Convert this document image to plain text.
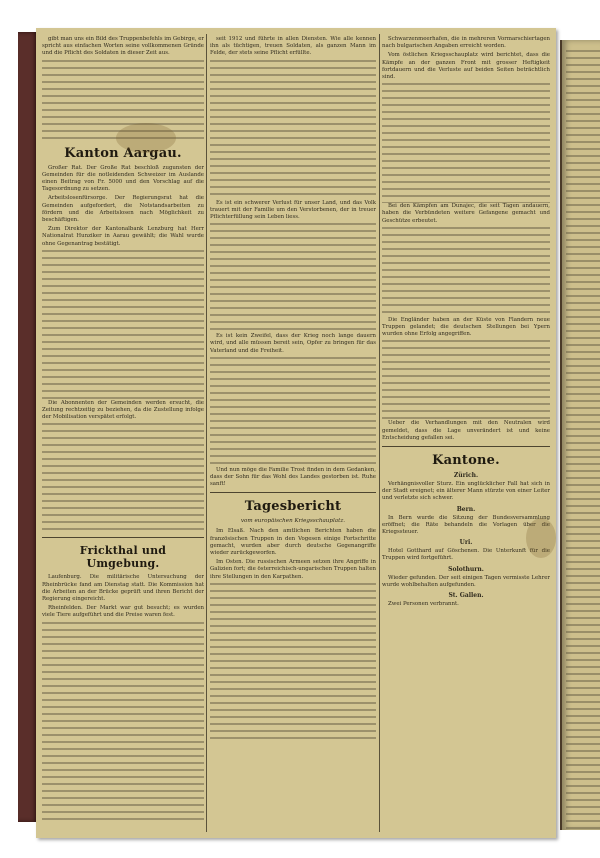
gibt man uns ein Bild des Truppenbefehls im Gebirge, er spricht aus einfachen Worten seine vollkommenen Gründe und die Pflicht des Soldaten in dieser Zeit aus.

Kanton Aargau.

Großer Rat. Der Große Rat beschloß zugunsten der Gemeinden für die notleidenden Schweizer im Auslande einen Beitrag von Fr. 5000 und den Vorschlag auf die Tagesordnung zu setzen.

Arbeitslosenfürsorge. Der Regierungsrat hat die Gemeinden aufgefordert, die Notstandsarbeiten zu fördern und die Arbeitslosen nach Möglichkeit zu beschäftigen.

Zum Direktor der Kantonalbank Lenzburg hat Herr Nationalrat Hunziker in Aarau gewählt; die Wahl wurde ohne Gegenantrag bestätigt.

Die Abonnenten der Gemeinden werden ersucht, die Zeitung rechtzeitig zu beziehen, da die Zustellung infolge der Mobilisation verspätet erfolgt.

Frickthal und Umgebung.

Laufenburg. Die militärische Untersuchung der Rheinbrücke fand am Dienstag statt. Die Kommission hat die Arbeiten an der Brücke geprüft und ihren Bericht der Regierung eingereicht.

Rheinfelden. Der Markt war gut besucht; es wurden viele Tiere aufgeführt und die Preise waren fest.

seit 1912 und führte in allen Diensten. Wie alle kennen ihn als tüchtigen, treuen Soldaten, als ganzen Mann im Felde, der stets seine Pflicht erfüllte.

Es ist ein schwerer Verlust für unser Land, und das Volk trauert mit der Familie um den Verstorbenen, der in treuer Pflichterfüllung sein Leben liess.

Es ist kein Zweifel, dass der Krieg noch lange dauern wird, und alle müssen bereit sein, Opfer zu bringen für das Vaterland und die Freiheit.

Und nun möge die Familie Trost finden in dem Gedanken, dass der Sohn für das Wohl des Landes gestorben ist. Ruhe sanft!

Tagesbericht
vom europäischen Kriegsschauplatz.

Im Elsaß. Nach den amtlichen Berichten haben die französischen Truppen in den Vogesen einige Fortschritte gemacht, wurden aber durch deutsche Gegenangriffe wieder zurückgeworfen.

Im Osten. Die russischen Armeen setzen ihre Angriffe in Galizien fort; die österreichisch-ungarischen Truppen halten ihre Stellungen in den Karpathen.

Schwarzenmeerhafen, die in mehreren Vormarschiertagen nach bulgarischen Angaben erreicht worden.

Vom östlichen Kriegsschauplatz wird berichtet, dass die Kämpfe an der ganzen Front mit grosser Heftigkeit fortdauern und die Verluste auf beiden Seiten beträchtlich sind.

Bei den Kämpfen am Dunajec, die seit Tagen andauern, haben die Verbündeten weitere Gefangene gemacht und Geschütze erbeutet.

Die Engländer haben an der Küste von Flandern neue Truppen gelandet; die deutschen Stellungen bei Ypern wurden ohne Erfolg angegriffen.

Ueber die Verhandlungen mit den Neutralen wird gemeldet, dass die Lage unverändert ist und keine Entscheidung gefallen sei.

Kantone.
Zürich.

Verhängnisvoller Sturz. Ein unglücklicher Fall hat sich in der Stadt ereignet; ein älterer Mann stürzte von einer Leiter und verletzte sich schwer.

Bern.

In Bern wurde die Sitzung der Bundesversammlung eröffnet; die Räte behandeln die Vorlagen über die Kriegssteuer.

Uri.

Hotel Gotthard auf Göschenen. Die Unterkunft für die Truppen wird fortgeführt.

Solothurn.

Wieder gefunden. Der seit einigen Tagen vermisste Lehrer wurde wohlbehalten aufgefunden.

St. Gallen.

Zwei Personen verbrannt.
